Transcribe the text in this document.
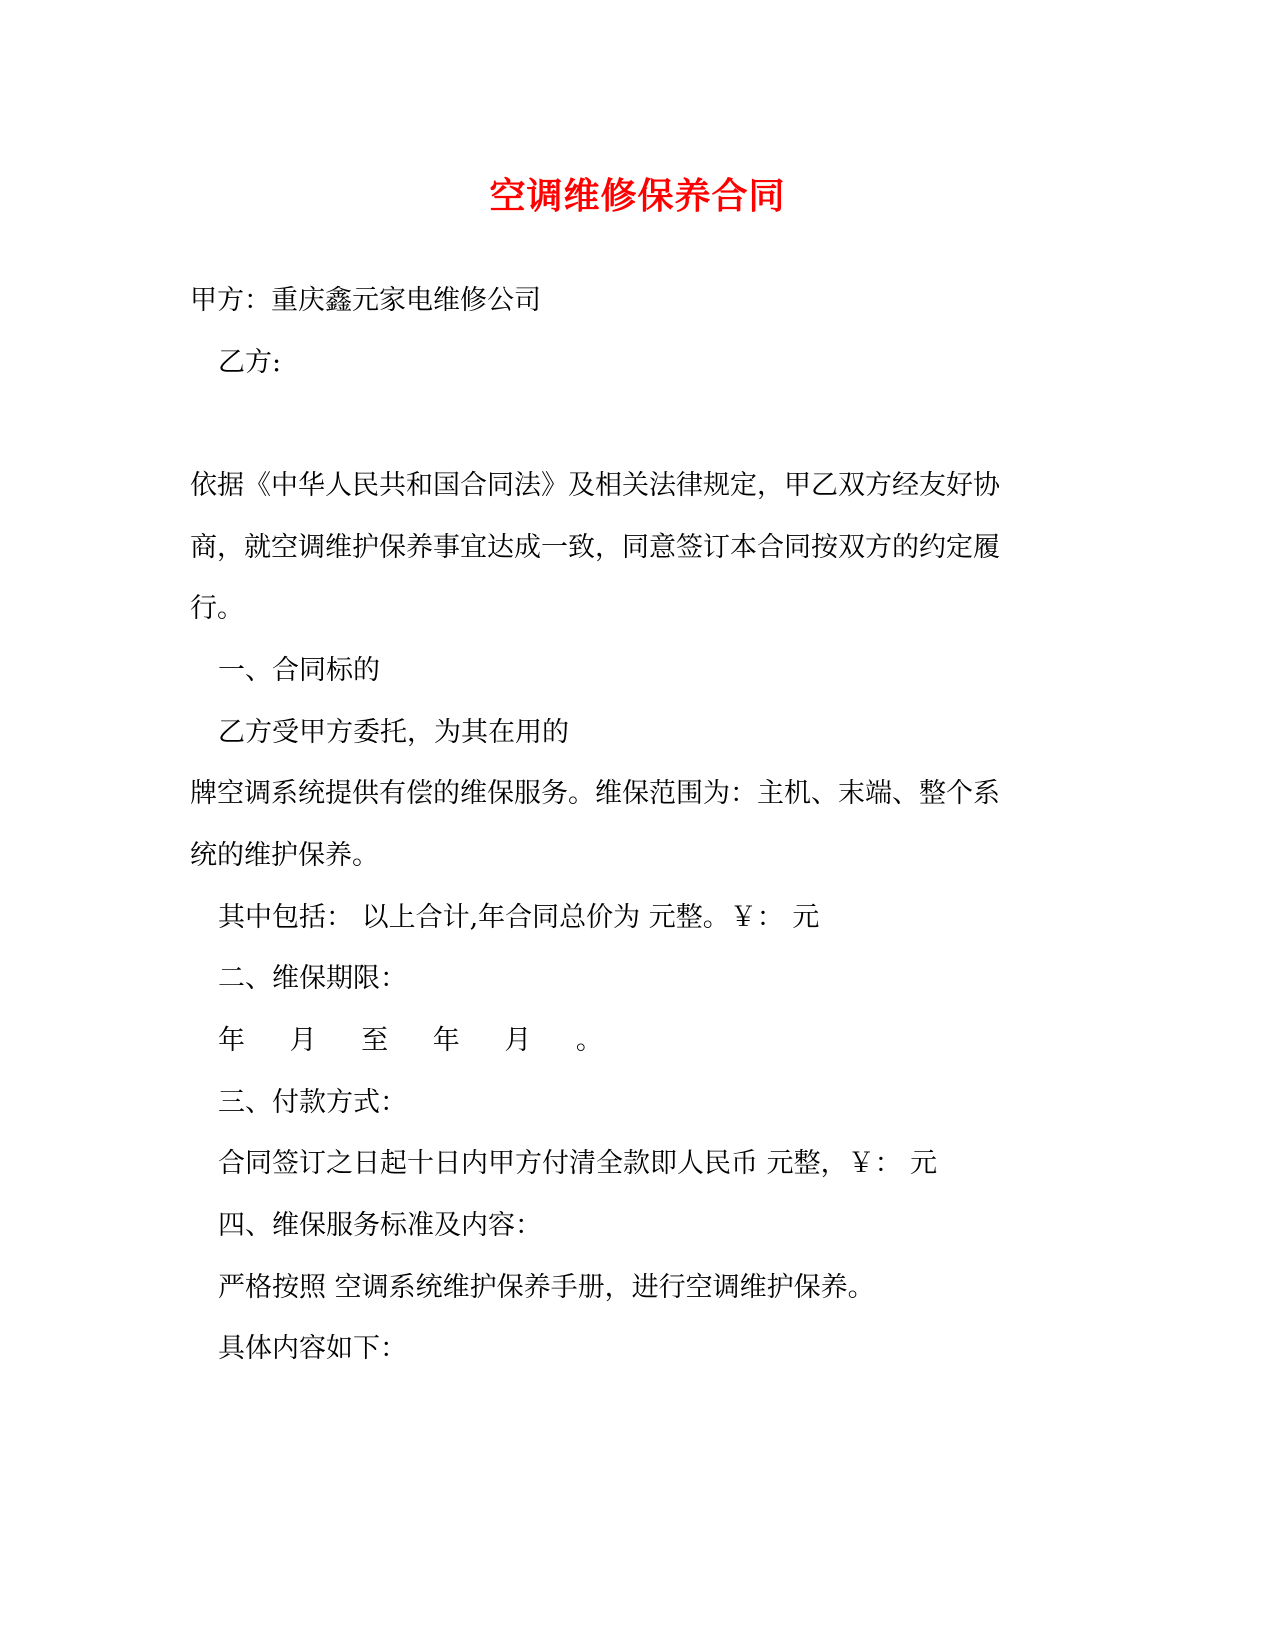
空调维修保养合同
甲方：重庆鑫元家电维修公司
乙方:
依据《中华人民共和国合同法》及相关法律规定，甲乙双方经友好协
商，就空调维护保养事宜达成一致，同意签订本合同按双方的约定履
行。
一、合同标的
乙方受甲方委托，为其在用的
牌空调系统提供有偿的维保服务。维保范围为：主机、末端、整个系
统的维护保养。
其中包括： 以上合计,年合同总价为 元整。￥： 元
二、维保期限：
年 月 至 年 月 。
三、付款方式：
合同签订之日起十日内甲方付清全款即人民币 元整，￥： 元
四、维保服务标准及内容：
严格按照 空调系统维护保养手册，进行空调维护保养。
具体内容如下：
